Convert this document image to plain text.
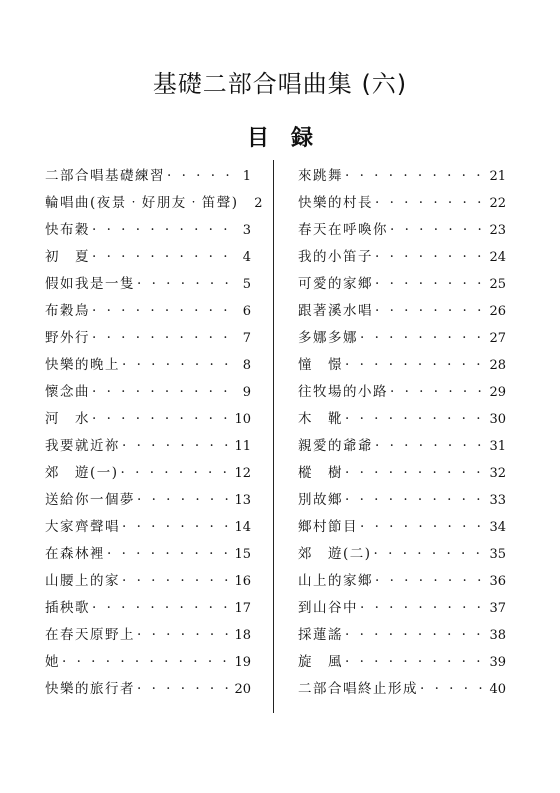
基礎二部合唱曲集 (六)
目録
二部合唱基礎練習 · · ·	1
輪唱曲(夜景‧好朋友‧笛聲)	2
快布穀 · · ·	3
初　夏 · · ·	4
假如我是一隻 · · ·	5
布穀鳥 · · ·	6
野外行 · · ·	7
快樂的晚上 · · ·	8
懷念曲 · · ·	9
河　水 · · ·	10
我要就近祢 · · ·	11
郊　遊(一) · · ·	12
送給你一個夢 · · ·	13
大家齊聲唱 · · ·	14
在森林裡 · · ·	15
山腰上的家 · · ·	16
插秧歌 · · ·	17
在春天原野上 · · ·	18
她 · · ·	19
快樂的旅行者 · · ·	20
來跳舞 · · ·	21
快樂的村長 · · ·	22
春天在呼喚你 · · ·	23
我的小笛子 · · ·	24
可愛的家鄉 · · ·	25
跟著溪水唱 · · ·	26
多娜多娜 · · ·	27
憧　憬 · · ·	28
往牧場的小路 · · ·	29
木　靴 · · ·	30
親愛的爺爺 · · ·	31
樅　樹 · · ·	32
別故鄉 · · ·	33
鄉村節目 · · ·	34
郊　遊(二) · · ·	35
山上的家鄉 · · ·	36
到山谷中 · · ·	37
採蓮謠 · · ·	38
旋　風 · · ·	39
二部合唱終止形成 · · ·	40
